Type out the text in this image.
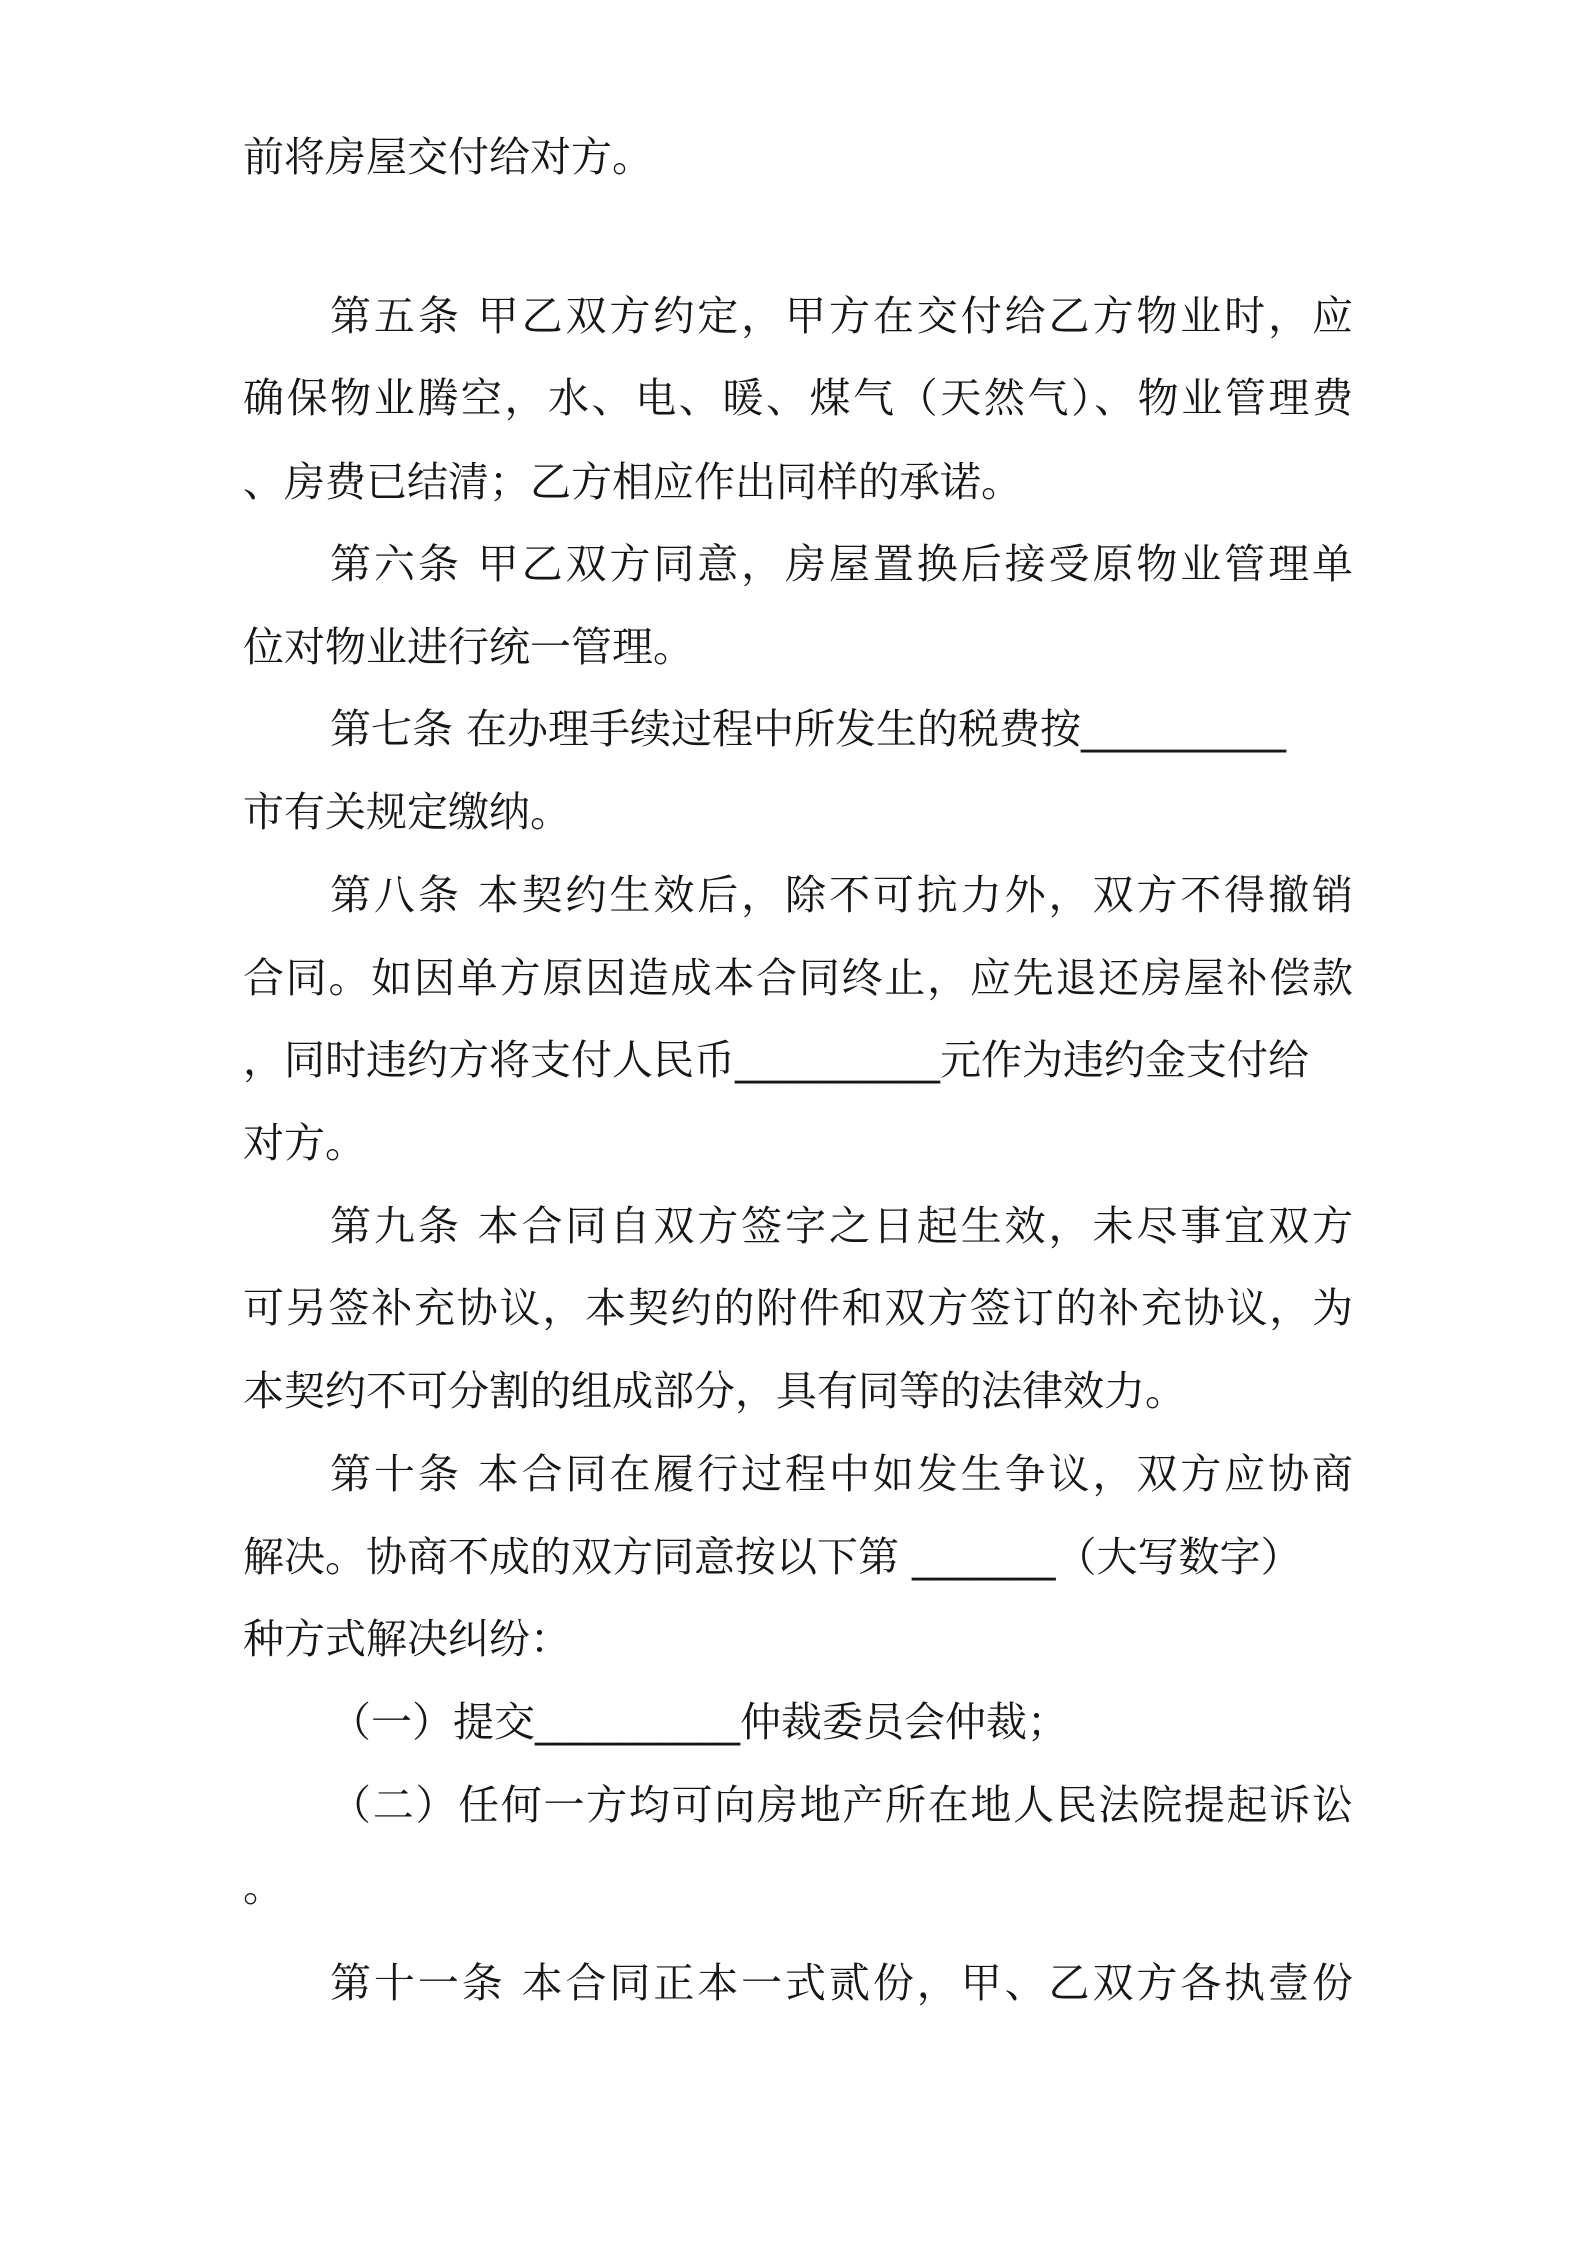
前将房屋交付给对方。
第五条 甲乙双方约定，甲方在交付给乙方物业时，应
确保物业腾空，水、电、暖、煤气（天然气）、物业管理费
、房费已结清；乙方相应作出同样的承诺。
第六条 甲乙双方同意，房屋置换后接受原物业管理单
位对物业进行统一管理。
第七条 在办理手续过程中所发生的税费按__________
市有关规定缴纳。
第八条 本契约生效后，除不可抗力外，双方不得撤销
合同。如因单方原因造成本合同终止，应先退还房屋补偿款
，同时违约方将支付人民币__________元作为违约金支付给
对方。
第九条 本合同自双方签字之日起生效，未尽事宜双方
可另签补充协议，本契约的附件和双方签订的补充协议，为
本契约不可分割的组成部分，具有同等的法律效力。
第十条 本合同在履行过程中如发生争议，双方应协商
解决。协商不成的双方同意按以下第 _______（大写数字）
种方式解决纠纷：
（一）提交__________仲裁委员会仲裁；
（二）任何一方均可向房地产所在地人民法院提起诉讼
。
第十一条 本合同正本一式贰份，甲、乙双方各执壹份
